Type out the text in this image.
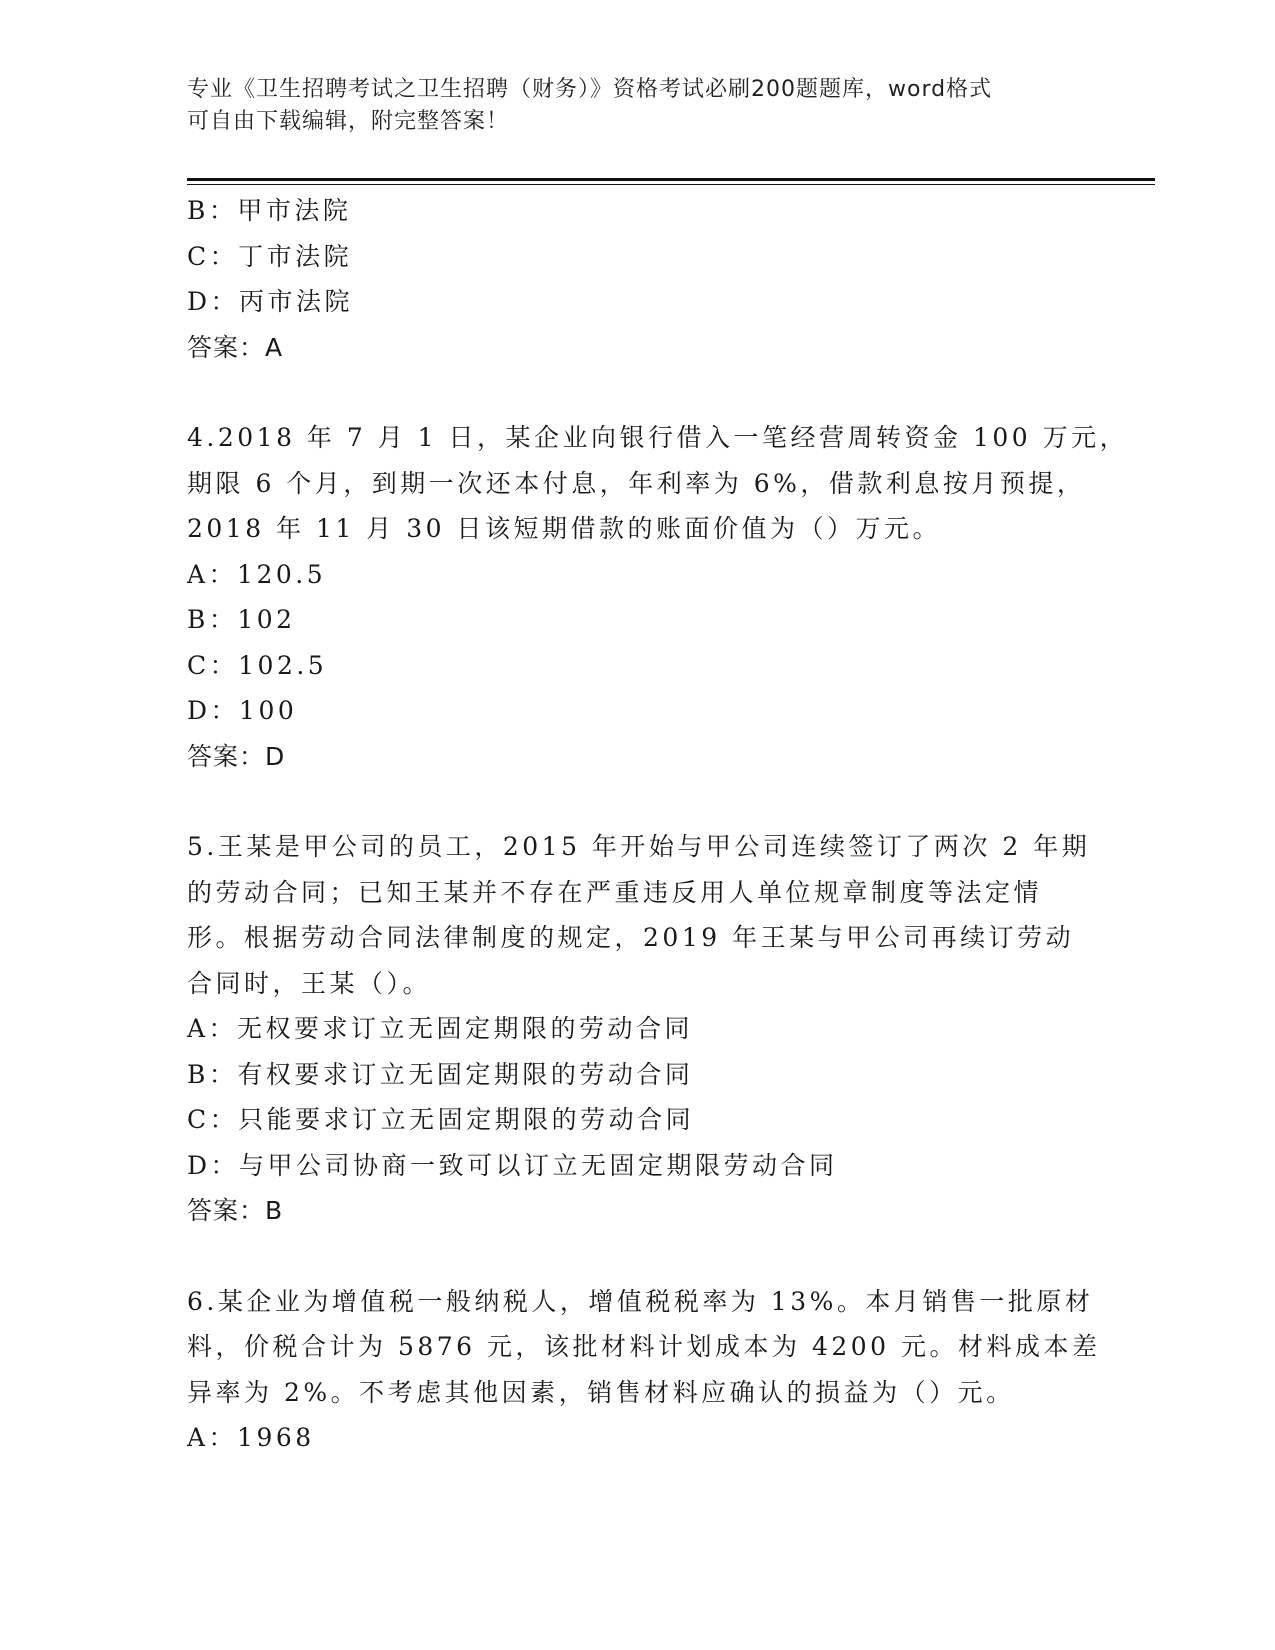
专业《卫生招聘考试之卫生招聘（财务）》资格考试必刷200题题库，word格式
可自由下载编辑，附完整答案！
B：甲市法院
C：丁市法院
D：丙市法院
答案：A
4.2018 年 7 月 1 日，某企业向银行借入一笔经营周转资金 100 万元，
期限 6 个月，到期一次还本付息，年利率为 6%，借款利息按月预提，
2018 年 11 月 30 日该短期借款的账面价值为（）万元。
A：120.5
B：102
C：102.5
D：100
答案：D
5.王某是甲公司的员工，2015 年开始与甲公司连续签订了两次 2 年期
的劳动合同；已知王某并不存在严重违反用人单位规章制度等法定情
形。根据劳动合同法律制度的规定，2019 年王某与甲公司再续订劳动
合同时，王某（）。
A：无权要求订立无固定期限的劳动合同
B：有权要求订立无固定期限的劳动合同
C：只能要求订立无固定期限的劳动合同
D：与甲公司协商一致可以订立无固定期限劳动合同
答案：B
6.某企业为增值税一般纳税人，增值税税率为 13%。本月销售一批原材
料，价税合计为 5876 元，该批材料计划成本为 4200 元。材料成本差
异率为 2%。不考虑其他因素，销售材料应确认的损益为（）元。
A：1968
